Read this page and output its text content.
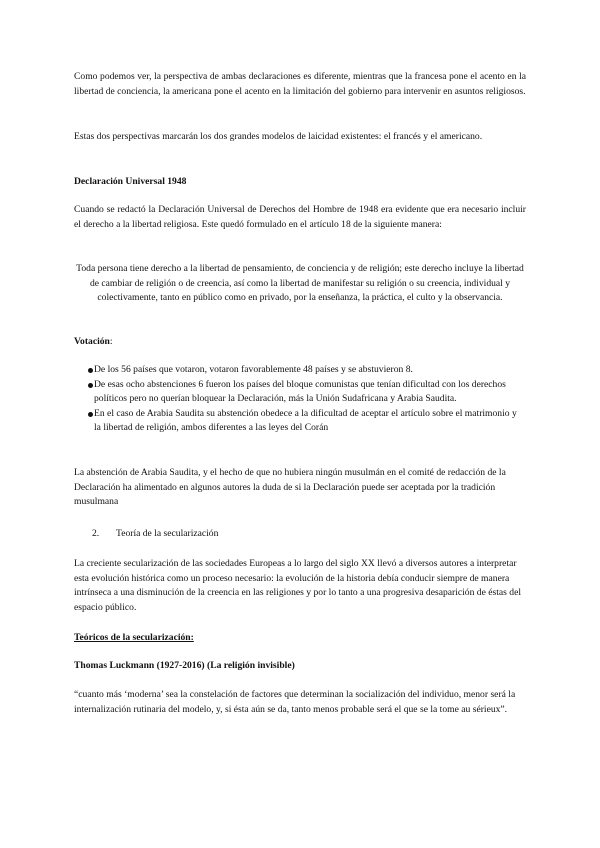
Como podemos ver, la perspectiva de ambas declaraciones es diferente, mientras que la francesa pone el acento en la libertad de conciencia, la americana pone el acento en la limitación del gobierno para intervenir en asuntos religiosos.

Estas dos perspectivas marcarán los dos grandes modelos de laicidad existentes: el francés y el americano.

Declaración Universal 1948

Cuando se redactó la Declaración Universal de Derechos del Hombre de 1948 era evidente que era necesario incluir el derecho a la libertad religiosa. Este quedó formulado en el artículo 18 de la siguiente manera:

Toda persona tiene derecho a la libertad de pensamiento, de conciencia y de religión; este derecho incluye la libertad de cambiar de religión o de creencia, así como la libertad de manifestar su religión o su creencia, individual y colectivamente, tanto en público como en privado, por la enseñanza, la práctica, el culto y la observancia.

Votación:

De los 56 países que votaron, votaron favorablemente 48 países y se abstuvieron 8.
De esas ocho abstenciones 6 fueron los países del bloque comunistas que tenían dificultad con los derechos políticos pero no querían bloquear la Declaración, más la Unión Sudafricana y Arabia Saudita.
En el caso de Arabia Saudita su abstención obedece a la dificultad de aceptar el artículo sobre el matrimonio y la libertad de religión, ambos diferentes a las leyes del Corán

La abstención de Arabia Saudita, y el hecho de que no hubiera ningún musulmán en el comité de redacción de la Declaración ha alimentado en algunos autores la duda de si la Declaración puede ser aceptada por la tradición musulmana

2. Teoría de la secularización

La creciente secularización de las sociedades Europeas a lo largo del siglo XX llevó a diversos autores a interpretar esta evolución histórica como un proceso necesario: la evolución de la historia debía conducir siempre de manera intrínseca a una disminución de la creencia en las religiones y por lo tanto a una progresiva desaparición de éstas del espacio público.

Teóricos de la secularización:

Thomas Luckmann (1927-2016) (La religión invisible)

“cuanto más ‘moderna’ sea la constelación de factores que determinan la socialización del individuo, menor será la internalización rutinaria del modelo, y, si ésta aún se da, tanto menos probable será el que se la tome au sérieux”.
